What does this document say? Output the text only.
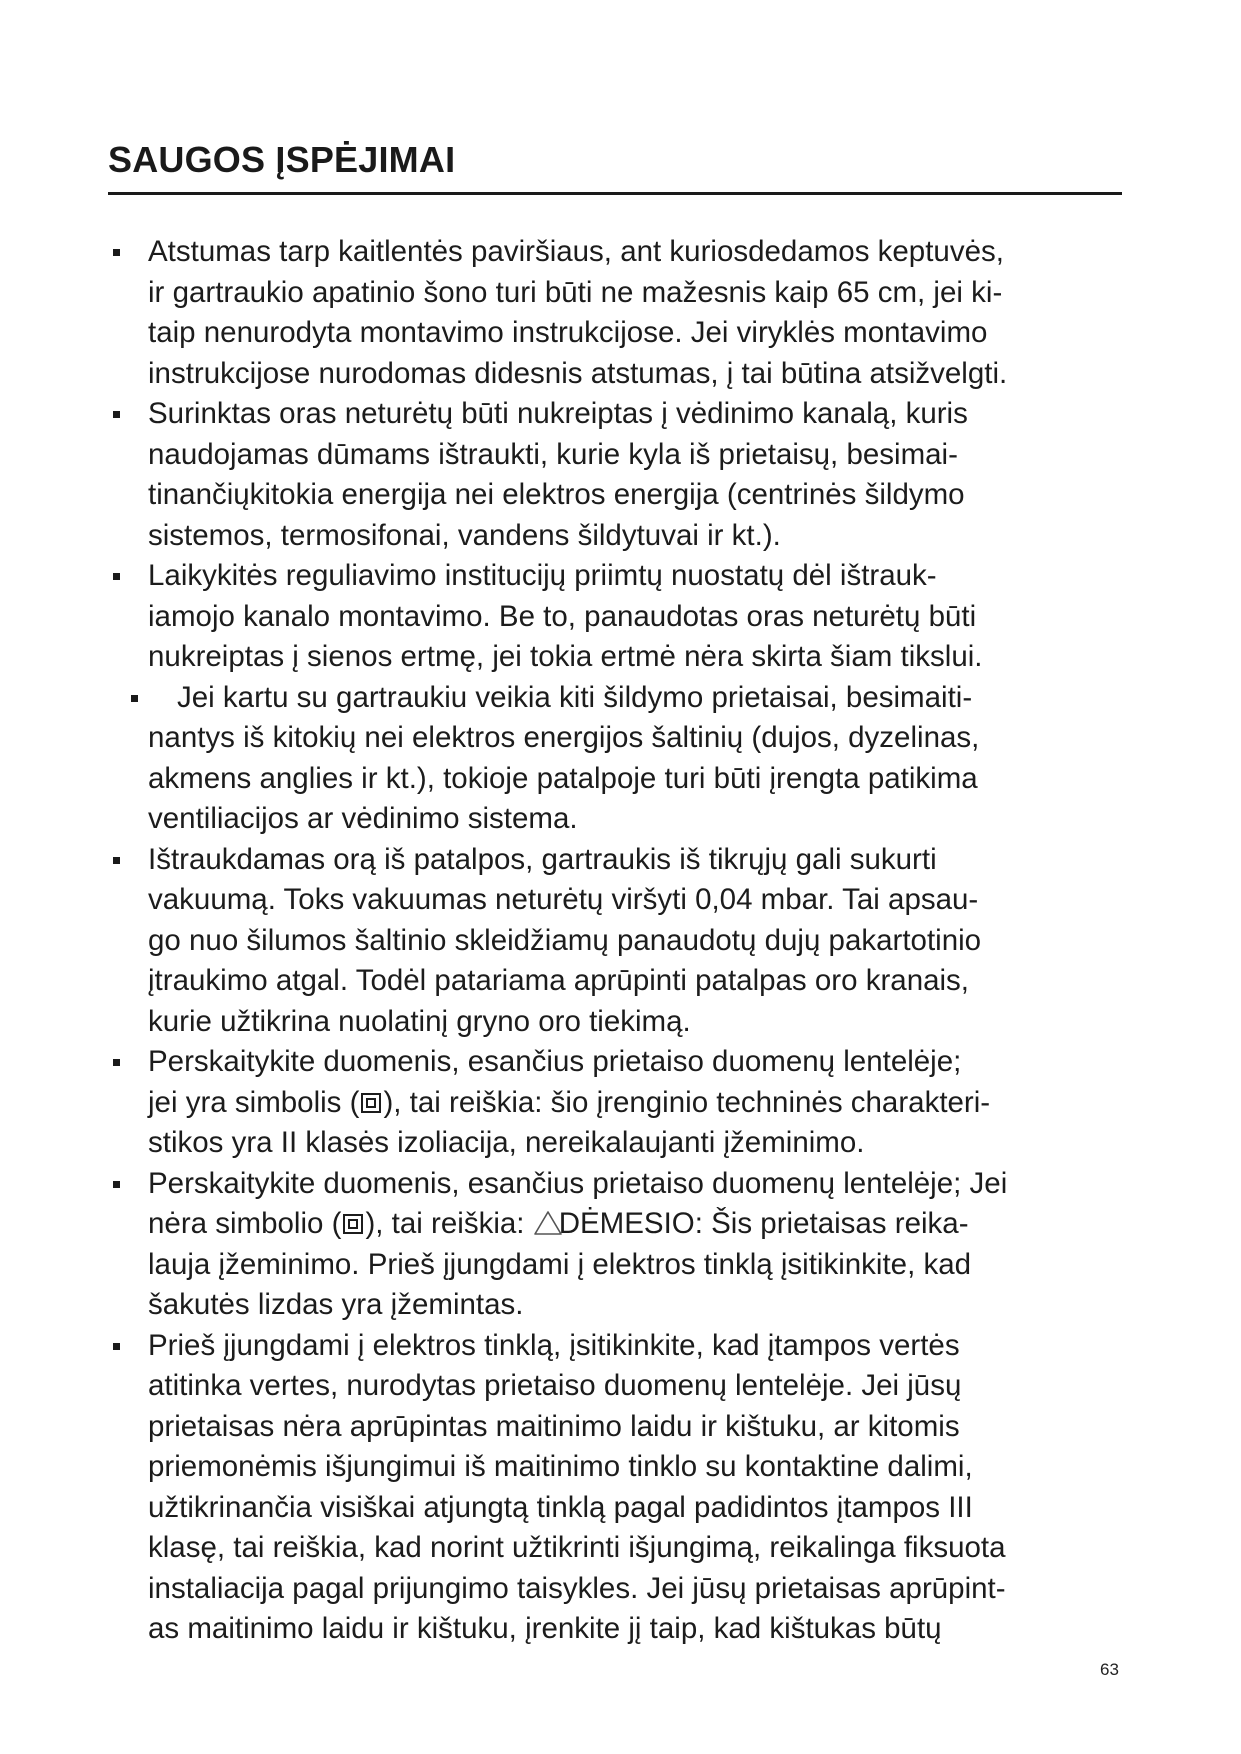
SAUGOS ĮSPĖJIMAI
Atstumas tarp kaitlentės paviršiaus, ant kuriosdedamos keptuvės,
ir gartraukio apatinio šono turi būti ne mažesnis kaip 65 cm, jei ki-
taip nenurodyta montavimo instrukcijose. Jei viryklės montavimo
instrukcijose nurodomas didesnis atstumas, į tai būtina atsižvelgti.
Surinktas oras neturėtų būti nukreiptas į vėdinimo kanalą, kuris
naudojamas dūmams ištraukti, kurie kyla iš prietaisų, besimai-
tinančiųkitokia energija nei elektros energija (centrinės šildymo
sistemos, termosifonai, vandens šildytuvai ir kt.).
Laikykitės reguliavimo institucijų priimtų nuostatų dėl ištrauk-
iamojo kanalo montavimo. Be to, panaudotas oras neturėtų būti
nukreiptas į sienos ertmę, jei tokia ertmė nėra skirta šiam tikslui.
Jei kartu su gartraukiu veikia kiti šildymo prietaisai, besimaiti-
nantys iš kitokių nei elektros energijos šaltinių (dujos, dyzelinas,
akmens anglies ir kt.), tokioje patalpoje turi būti įrengta patikima
ventiliacijos ar vėdinimo sistema.
Ištraukdamas orą iš patalpos, gartraukis iš tikrųjų gali sukurti
vakuumą. Toks vakuumas neturėtų viršyti 0,04 mbar. Tai apsau-
go nuo šilumos šaltinio skleidžiamų panaudotų dujų pakartotinio
įtraukimo atgal. Todėl patariama aprūpinti patalpas oro kranais,
kurie užtikrina nuolatinį gryno oro tiekimą.
Perskaitykite duomenis, esančius prietaiso duomenų lentelėje;
jei yra simbolis ( ), tai reiškia: šio įrenginio techninės charakteri-
stikos yra II klasės izoliacija, nereikalaujanti įžeminimo.
Perskaitykite duomenis, esančius prietaiso duomenų lentelėje; Jei
nėra simbolio ( ), tai reiškia: DĖMESIO: Šis prietaisas reika-
lauja įžeminimo. Prieš įjungdami į elektros tinklą įsitikinkite, kad
šakutės lizdas yra įžemintas.
Prieš įjungdami į elektros tinklą, įsitikinkite, kad įtampos vertės
atitinka vertes, nurodytas prietaiso duomenų lentelėje. Jei jūsų
prietaisas nėra aprūpintas maitinimo laidu ir kištuku, ar kitomis
priemonėmis išjungimui iš maitinimo tinklo su kontaktine dalimi,
užtikrinančia visiškai atjungtą tinklą pagal padidintos įtampos III
klasę, tai reiškia, kad norint užtikrinti išjungimą, reikalinga fiksuota
instaliacija pagal prijungimo taisykles. Jei jūsų prietaisas aprūpint-
as maitinimo laidu ir kištuku, įrenkite jį taip, kad kištukas būtų
63
